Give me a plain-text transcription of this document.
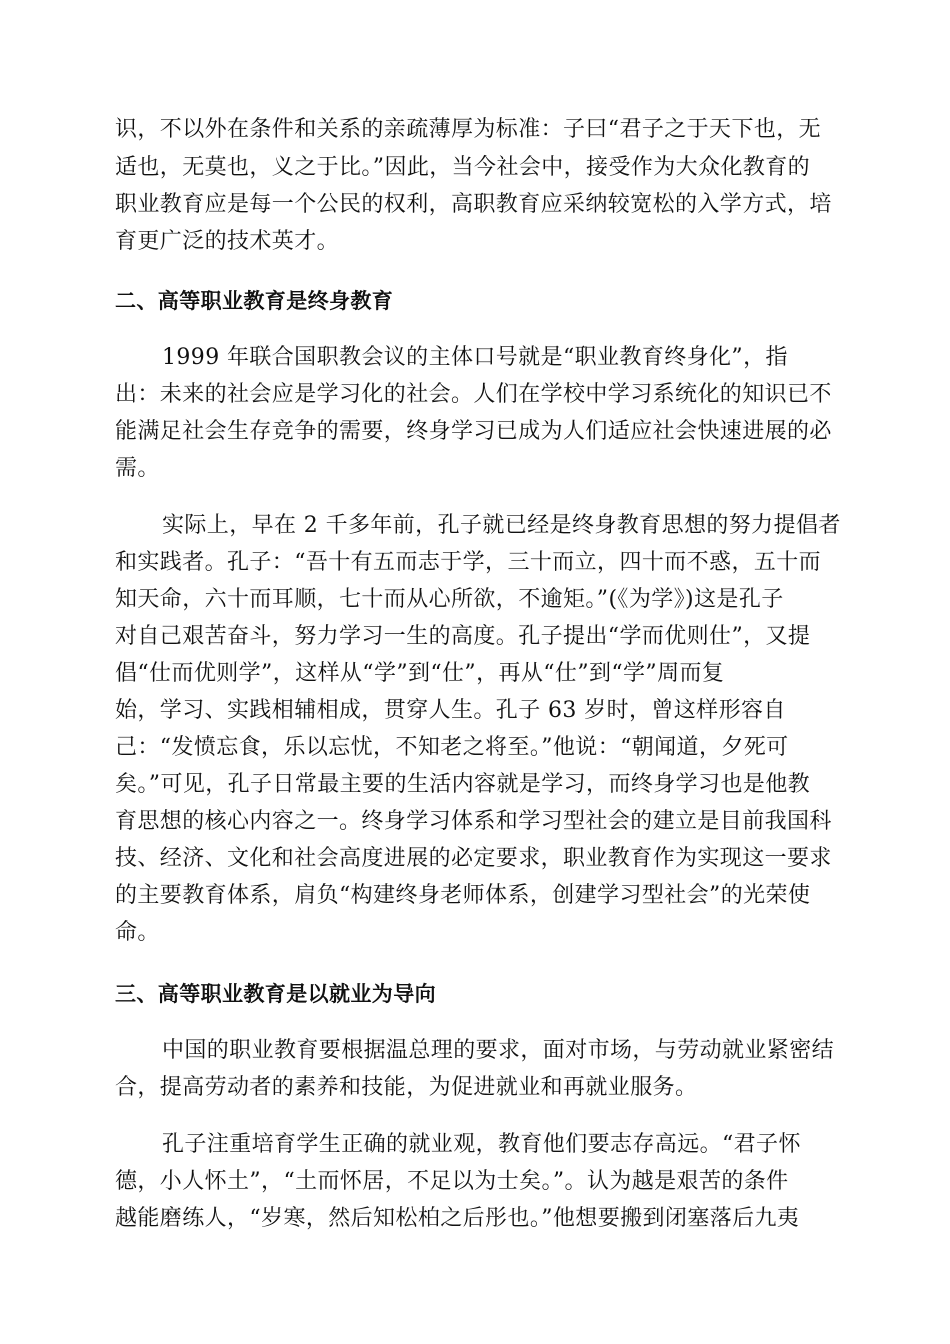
识，不以外在条件和关系的亲疏薄厚为标准：子曰“君子之于天下也，无
适也，无莫也，义之于比。”因此，当今社会中，接受作为大众化教育的
职业教育应是每一个公民的权利，高职教育应采纳较宽松的入学方式，培
育更广泛的技术英才。
二、高等职业教育是终身教育
1999 年联合国职教会议的主体口号就是“职业教育终身化”，指
出：未来的社会应是学习化的社会。人们在学校中学习系统化的知识已不
能满足社会生存竞争的需要，终身学习已成为人们适应社会快速进展的必
需。
实际上，早在 2 千多年前，孔子就已经是终身教育思想的努力提倡者
和实践者。孔子：“吾十有五而志于学，三十而立，四十而不惑，五十而
知天命，六十而耳顺，七十而从心所欲，不逾矩。”(《为学》)这是孔子
对自己艰苦奋斗，努力学习一生的高度。孔子提出“学而优则仕”，又提
倡“仕而优则学”，这样从“学”到“仕”，再从“仕”到“学”周而复
始，学习、实践相辅相成，贯穿人生。孔子 63 岁时，曾这样形容自
己：“发愤忘食，乐以忘忧，不知老之将至。”他说：“朝闻道，夕死可
矣。”可见，孔子日常最主要的生活内容就是学习，而终身学习也是他教
育思想的核心内容之一。终身学习体系和学习型社会的建立是目前我国科
技、经济、文化和社会高度进展的必定要求，职业教育作为实现这一要求
的主要教育体系，肩负“构建终身老师体系，创建学习型社会”的光荣使
命。
三、高等职业教育是以就业为导向
中国的职业教育要根据温总理的要求，面对市场，与劳动就业紧密结
合，提高劳动者的素养和技能，为促进就业和再就业服务。
孔子注重培育学生正确的就业观，教育他们要志存高远。“君子怀
德，小人怀土”，“土而怀居，不足以为士矣。”。认为越是艰苦的条件
越能磨练人，“岁寒，然后知松柏之后彤也。”他想要搬到闭塞落后九夷
